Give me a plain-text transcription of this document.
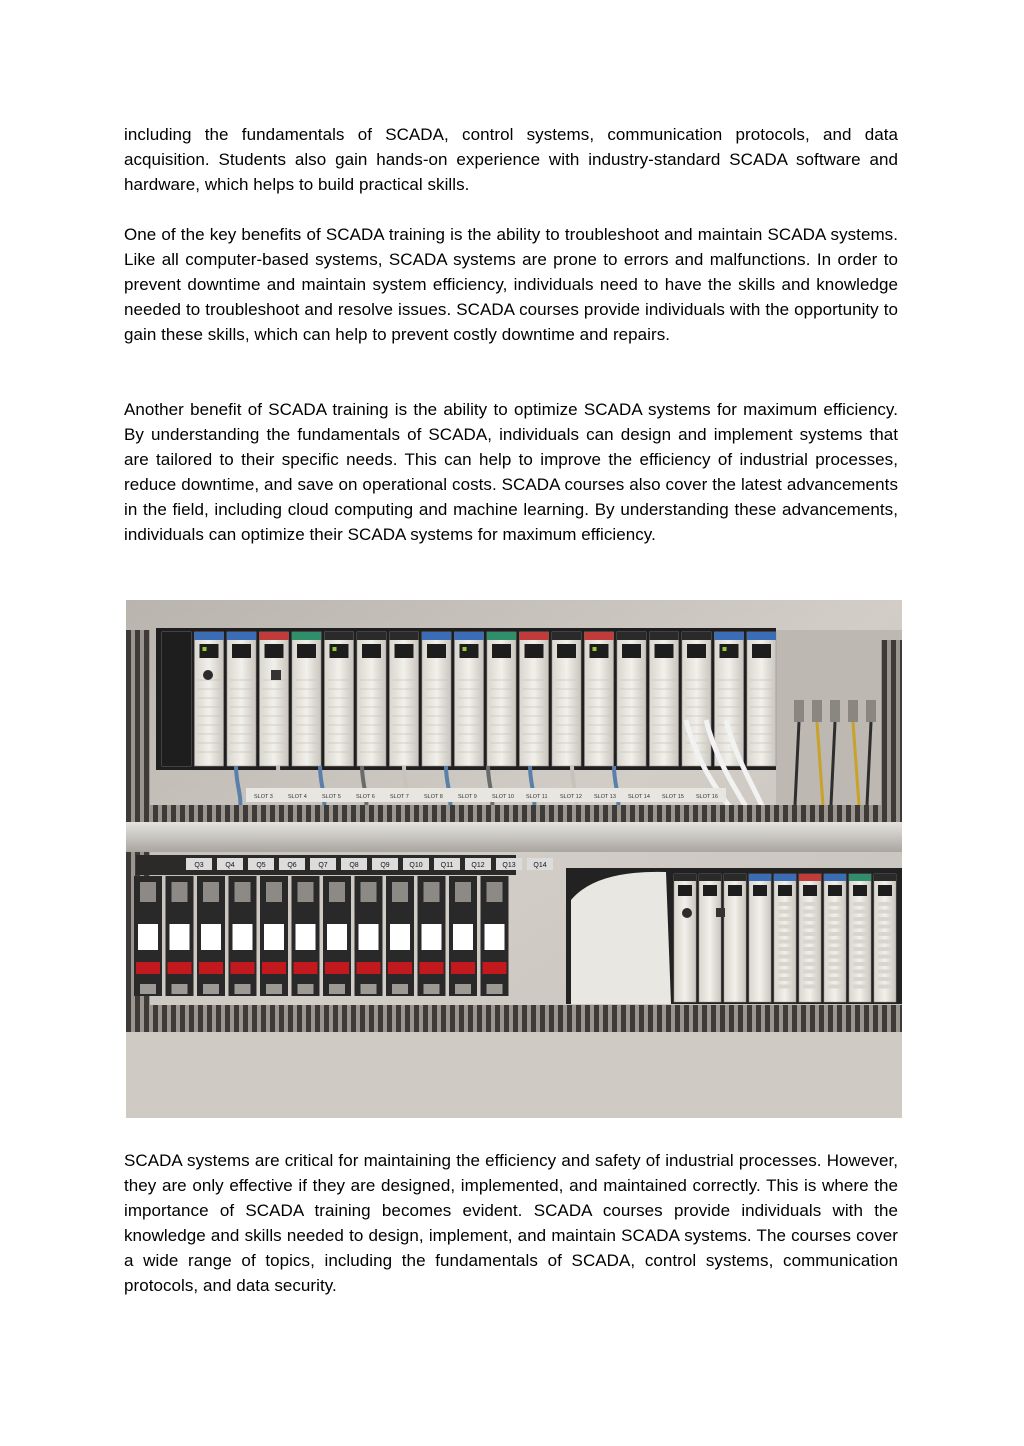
including the fundamentals of SCADA, control systems, communication protocols, and data acquisition. Students also gain hands-on experience with industry-standard SCADA software and hardware, which helps to build practical skills.

One of the key benefits of SCADA training is the ability to troubleshoot and maintain SCADA systems. Like all computer-based systems, SCADA systems are prone to errors and malfunctions. In order to prevent downtime and maintain system efficiency, individuals need to have the skills and knowledge needed to troubleshoot and resolve issues. SCADA courses provide individuals with the opportunity to gain these skills, which can help to prevent costly downtime and repairs.

Another benefit of SCADA training is the ability to optimize SCADA systems for maximum efficiency. By understanding the fundamentals of SCADA, individuals can design and implement systems that are tailored to their specific needs. This can help to improve the efficiency of industrial processes, reduce downtime, and save on operational costs. SCADA courses also cover the latest advancements in the field, including cloud computing and machine learning. By understanding these advancements, individuals can optimize their SCADA systems for maximum efficiency.

SLOT 3	SLOT 4	SLOT 5	SLOT 6	SLOT 7	SLOT 8	SLOT 9	SLOT 10 SLOT 11 SLOT 12 SLOT 13 SLOT 14 SLOT 15 SLOT 16
Q3	Q4	Q5	Q6	Q7	Q8	Q9	Q10	Q11	Q12	Q13	Q14

SCADA systems are critical for maintaining the efficiency and safety of industrial processes. However, they are only effective if they are designed, implemented, and maintained correctly. This is where the importance of SCADA training becomes evident. SCADA courses provide individuals with the knowledge and skills needed to design, implement, and maintain SCADA systems. The courses cover a wide range of topics, including the fundamentals of SCADA, control systems, communication protocols, and data security.
